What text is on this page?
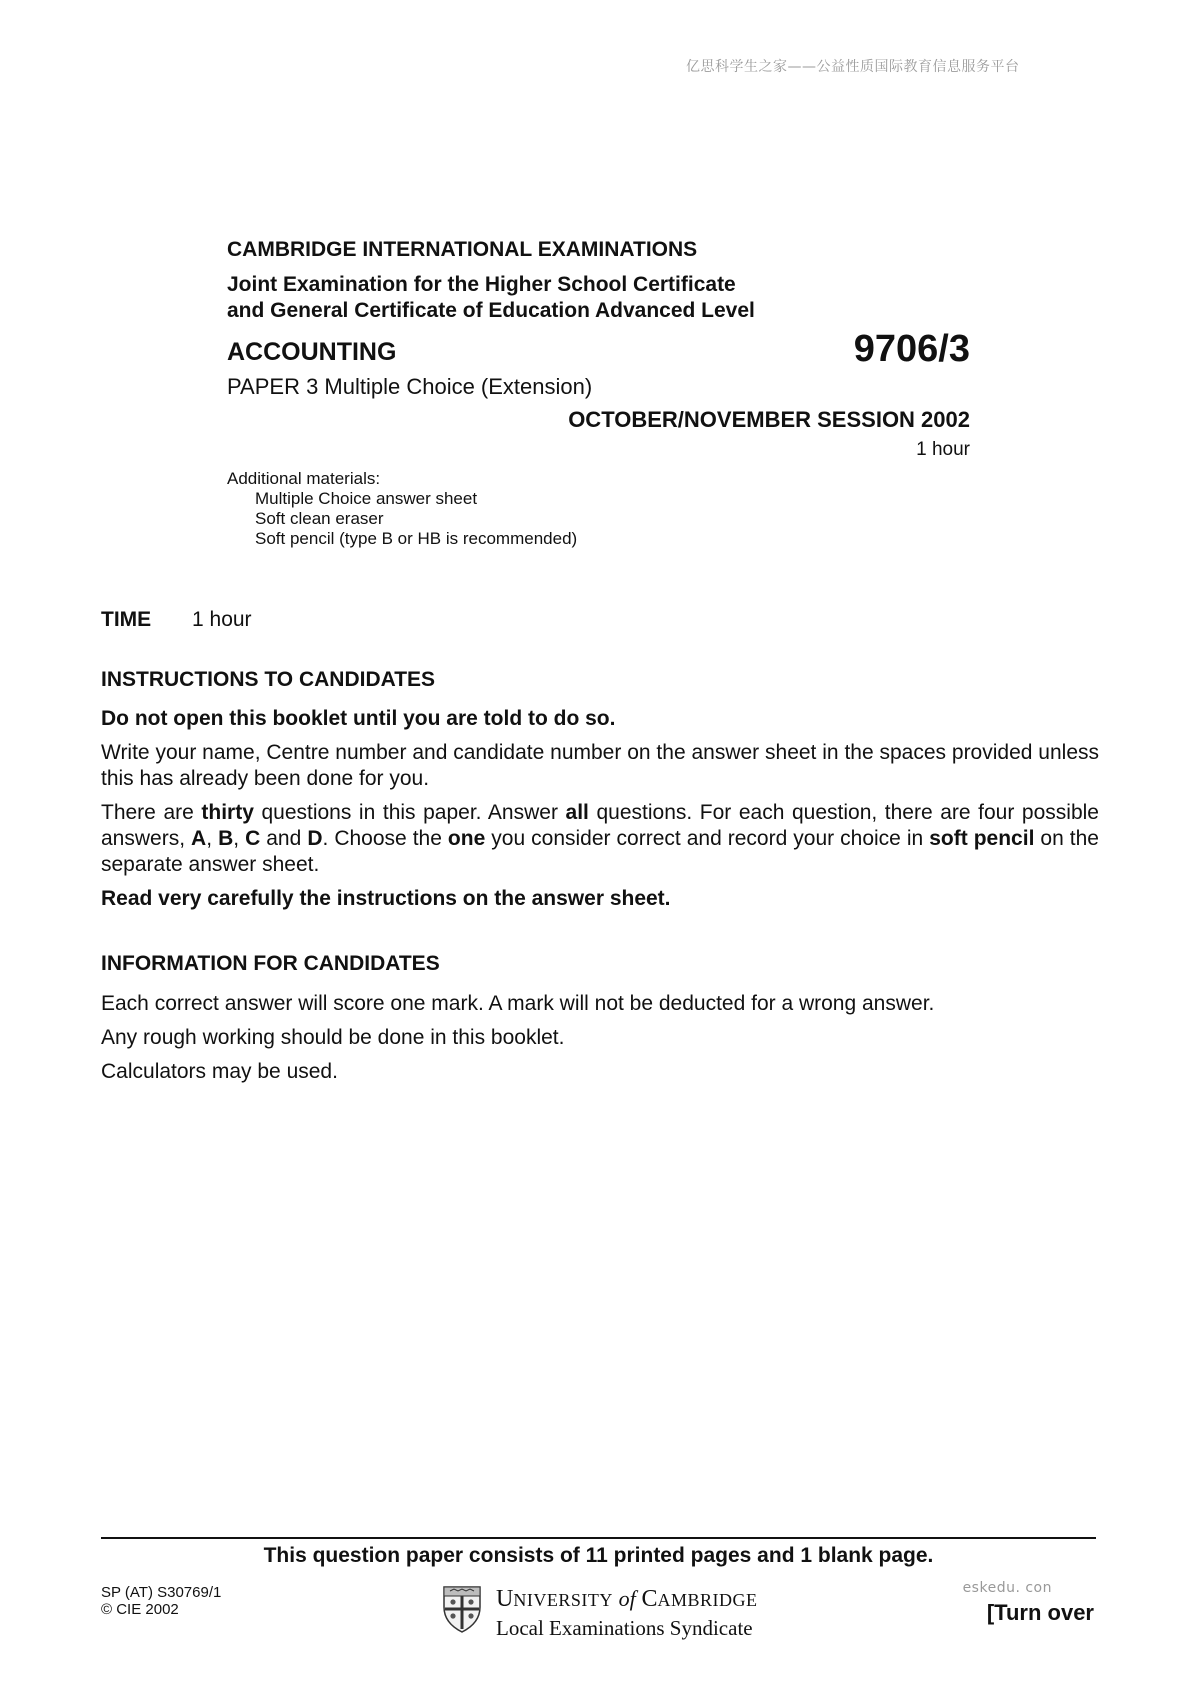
亿思科学生之家——公益性质国际教育信息服务平台
CAMBRIDGE INTERNATIONAL EXAMINATIONS
Joint Examination for the Higher School Certificate
and General Certificate of Education Advanced Level
ACCOUNTING	9706/3
PAPER 3 Multiple Choice (Extension)
OCTOBER/NOVEMBER SESSION 2002
1 hour
Additional materials:
Multiple Choice answer sheet
Soft clean eraser
Soft pencil (type B or HB is recommended)
TIME 1 hour
INSTRUCTIONS TO CANDIDATES
Do not open this booklet until you are told to do so.
Write your name, Centre number and candidate number on the answer sheet in the spaces provided unless this has already been done for you.
There are thirty questions in this paper. Answer all questions. For each question, there are four possible answers, A, B, C and D. Choose the one you consider correct and record your choice in soft pencil on the separate answer sheet.
Read very carefully the instructions on the answer sheet.
INFORMATION FOR CANDIDATES
Each correct answer will score one mark. A mark will not be deducted for a wrong answer.
Any rough working should be done in this booklet.
Calculators may be used.
This question paper consists of 11 printed pages and 1 blank page.
SP (AT) S30769/1
© CIE 2002	UNIVERSITY of CAMBRIDGE
Local Examinations Syndicate
eskedu. con
[Turn over
